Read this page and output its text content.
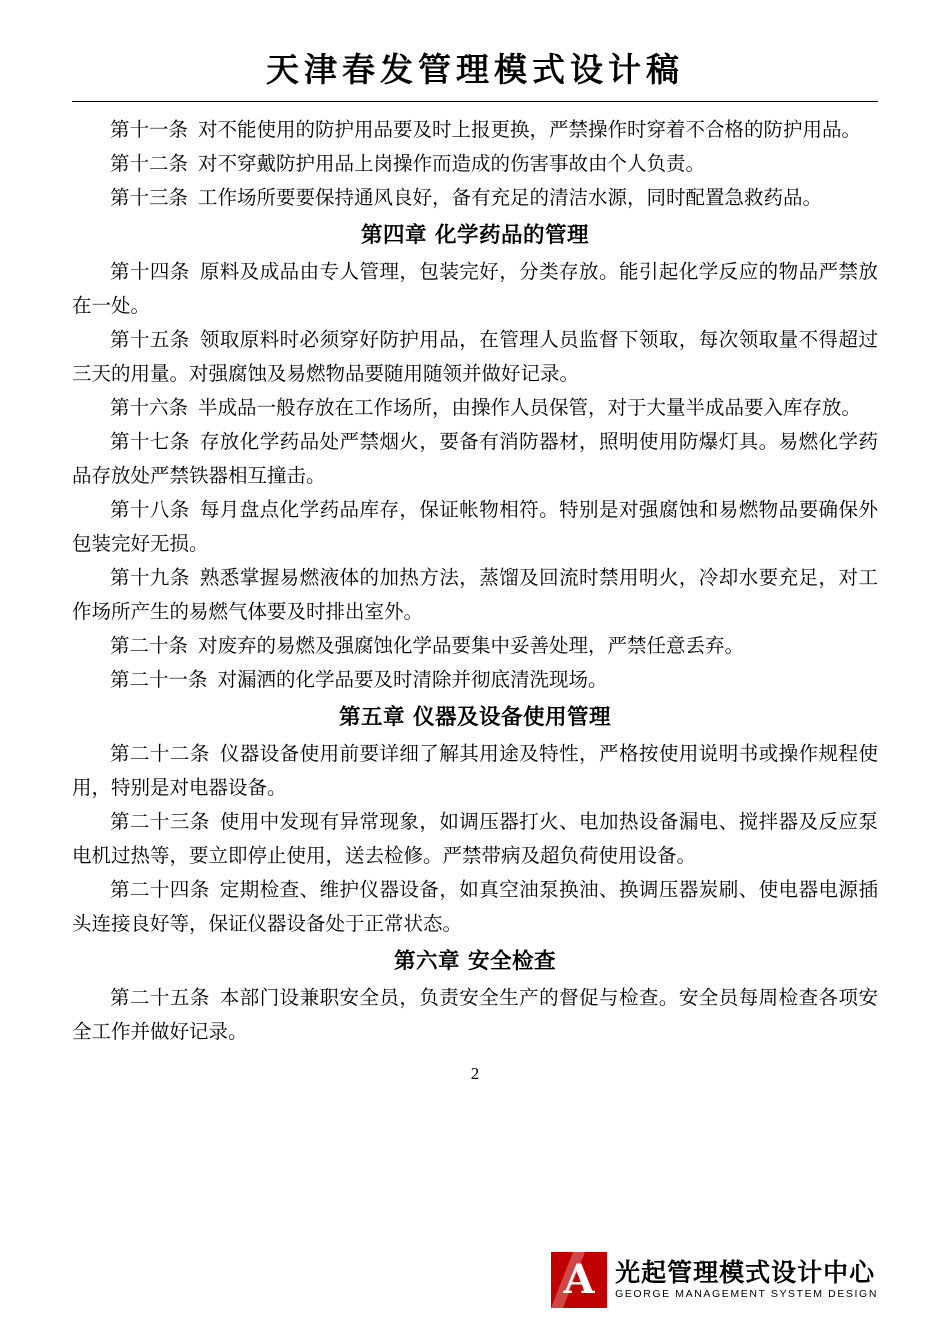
天津春发管理模式设计稿

第十一条 对不能使用的防护用品要及时上报更换，严禁操作时穿着不合格的防护用品。

第十二条 对不穿戴防护用品上岗操作而造成的伤害事故由个人负责。

第十三条 工作场所要要保持通风良好，备有充足的清洁水源，同时配置急救药品。

第四章 化学药品的管理

第十四条 原料及成品由专人管理，包装完好，分类存放。能引起化学反应的物品严禁放在一处。

第十五条 领取原料时必须穿好防护用品，在管理人员监督下领取，每次领取量不得超过三天的用量。对强腐蚀及易燃物品要随用随领并做好记录。

第十六条 半成品一般存放在工作场所，由操作人员保管，对于大量半成品要入库存放。

第十七条 存放化学药品处严禁烟火，要备有消防器材，照明使用防爆灯具。易燃化学药品存放处严禁铁器相互撞击。

第十八条 每月盘点化学药品库存，保证帐物相符。特别是对强腐蚀和易燃物品要确保外包装完好无损。

第十九条 熟悉掌握易燃液体的加热方法，蒸馏及回流时禁用明火，冷却水要充足，对工作场所产生的易燃气体要及时排出室外。

第二十条 对废弃的易燃及强腐蚀化学品要集中妥善处理，严禁任意丢弃。

第二十一条 对漏洒的化学品要及时清除并彻底清洗现场。

第五章 仪器及设备使用管理

第二十二条 仪器设备使用前要详细了解其用途及特性，严格按使用说明书或操作规程使用，特别是对电器设备。

第二十三条 使用中发现有异常现象，如调压器打火、电加热设备漏电、搅拌器及反应泵电机过热等，要立即停止使用，送去检修。严禁带病及超负荷使用设备。

第二十四条 定期检查、维护仪器设备，如真空油泵换油、换调压器炭刷、使电器电源插头连接良好等，保证仪器设备处于正常状态。

第六章 安全检查

第二十五条 本部门设兼职安全员，负责安全生产的督促与检查。安全员每周检查各项安全工作并做好记录。

2
A 光起管理模式设计中心
GEORGE MANAGEMENT SYSTEM DESIGN
